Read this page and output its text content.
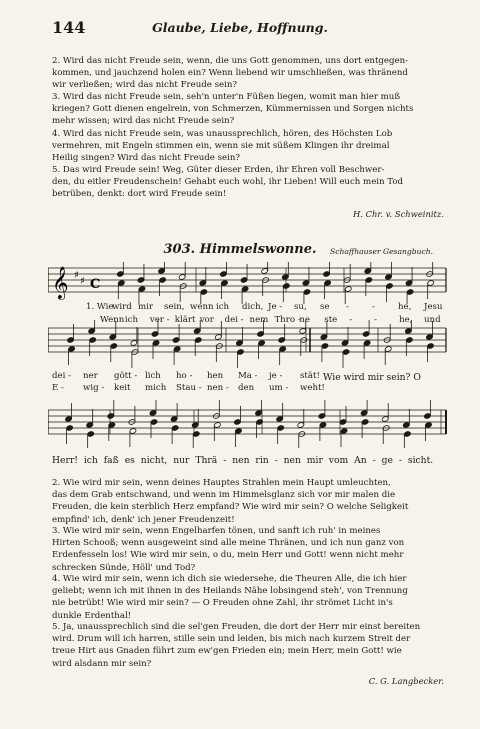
144	Glaube, Liebe, Hoffnung.
2. Wird das nicht Freude sein, wenn, die uns Gott genommen, uns dort entgegen-
kommen, und jauchzend holen ein? Wenn liebend wir umschließen, was thränend
wir verließen; wird das nicht Freude sein?
3. Wird das nicht Freude sein, seh'n unter'n Füßen liegen, womit man hier muß
kriegen? Gott dienen engelrein, von Schmerzen, Kümmernissen und Sorgen nichts
mehr wissen; wird das nicht Freude sein?
4. Wird das nicht Freude sein, was unaussprechlich, hören, des Höchsten Lob
vermehren, mit Engeln stimmen ein, wenn sie mit süßem Klingen ihr dreimal
Heilig singen? Wird das nicht Freude sein?
5. Das wird Freude sein! Weg, Güter dieser Erden, ihr Ehren voll Beschwer-
den, du eitler Freudenschein! Gehabt euch wohl, ihr Lieben! Will euch mein Tod
betrüben, denkt: dort wird Freude sein!
H. Chr. v. Schweinitz.
303. Himmelswonne.	Schaffhauser Gesangbuch.
𝄞 ♯
♯ C
1. Wie
wird mir sein, wenn ich dich, Je - su, se -	-	he, Jesu
Wenn ich ver - klärt vor dei - nem Thro -
ne ste -	-	he, und
dei - ner gött - lich ho - hen Ma - je - stät!
E - wig - keit mich Stau - nen - den um - weht!
Wie wird mir sein? O
Herr! ich faß es nicht, nur Thrä - nen rin - nen mir vom An - ge - sicht.
2. Wie wird mir sein, wenn deines Hauptes Strahlen mein Haupt umleuchten,
das dem Grab entschwand, und wenn im Himmelsglanz sich vor mir malen die
Freuden, die kein sterblich Herz empfand? Wie wird mir sein? O welche Seligkeit
empfind' ich, denk' ich jener Freudenzeit!
3. Wie wird mir sein, wenn Engelharfen tönen, und sanft ich ruh' in meines
Hirten Schooß; wenn ausgeweint sind alle meine Thränen, und ich nun ganz von
Erdenfesseln los! Wie wird mir sein, o du, mein Herr und Gott! wenn nicht mehr
schrecken Sünde, Höll' und Tod?
4. Wie wird mir sein, wenn ich dich sie wiedersehe, die Theuren Alle, die ich hier
geliebt; wenn ich mit ihnen in des Heilands Nähe lobsingend steh', von Trennung
nie betrübt! Wie wird mir sein? — O Freuden ohne Zahl, ihr strömet Licht in's
dunkle Erdenthal!
5. Ja, unaussprechlich sind die sel'gen Freuden, die dort der Herr mir einst bereiten
wird. Drum will ich harren, stille sein und leiden, bis mich nach kurzem Streit der
treue Hirt aus Gnaden führt zum ew'gen Frieden ein; mein Herr, mein Gott! wie
wird alsdann mir sein?
C. G. Langbecker.
